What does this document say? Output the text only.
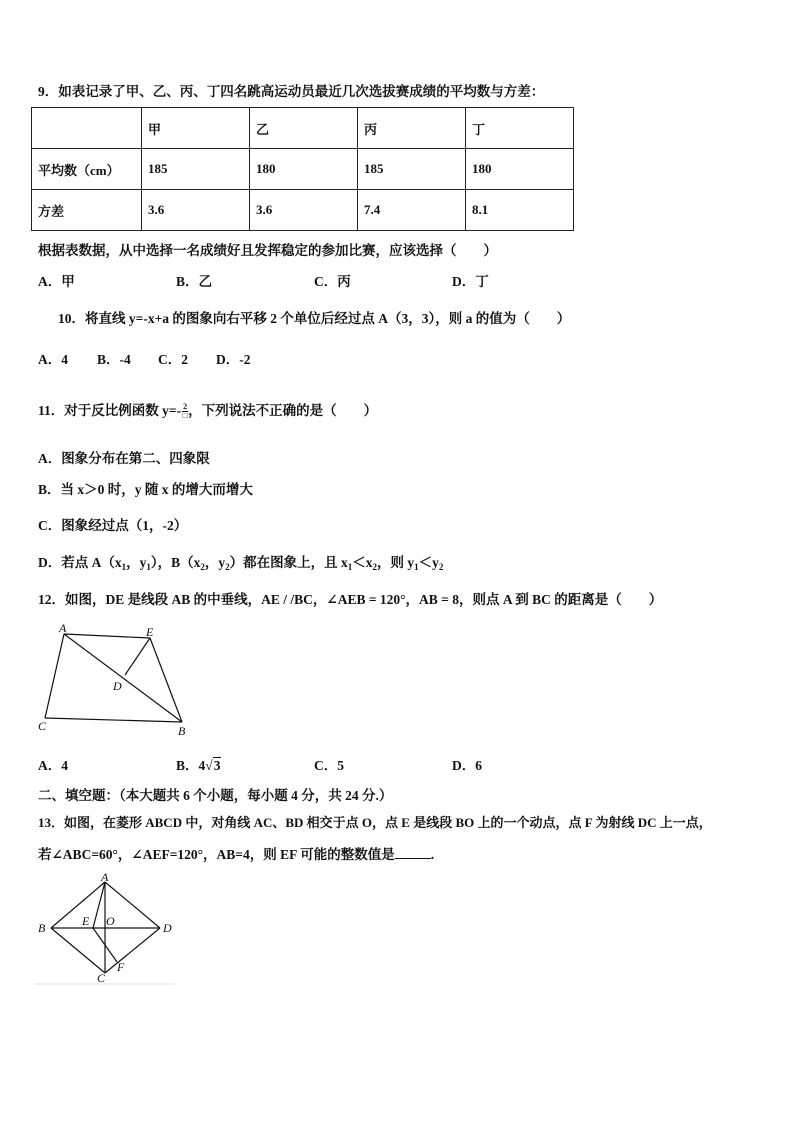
9．如表记录了甲、乙、丙、丁四名跳高运动员最近几次选拔赛成绩的平均数与方差：
	甲	乙	丙	丁
平均数（cm）	185	180	185	180
方差	3.6	3.6	7.4	8.1
根据表数据，从中选择一名成绩好且发挥稳定的参加比赛，应该选择（　　）
A．甲	B．乙	C．丙	D．丁
10．将直线 y=-x+a 的图象向右平移 2 个单位后经过点 A（3，3），则 a 的值为（　　）
A．4 B．-4 C．2 D．-2
11．对于反比例函数 $y=- \frac{2}{□}$ ，下列说法不正确的是（　　）
A．图象分布在第二、四象限
B．当 x＞0 时，y 随 x 的增大而增大
C．图象经过点（1，-2）
D．若点 $A(x_1$，$y_1$），$B(x_2$，$y_2$）都在图象上，且 $x_1<x_2$，则 $y_1<y_2$
12．如图，DE 是线段 AB 的中垂线，AE / /BC，∠AEB = 120°，AB = 8，则点 A 到 BC 的距离是（　　）
A	E
D
C	B
A．4	B．4√3	C．5	D．6
二、填空题：（本大题共 6 个小题，每小题 4 分，共 24 分.）
13．如图，在菱形 ABCD 中，对角线 AC、BD 相交于点 O，点 E 是线段 BO 上的一个动点，点 F 为射线 DC 上一点，
若∠ABC=60°，∠AEF=120°，AB=4，则 EF 可能的整数值是	.
A
B	D
C
E O
F
